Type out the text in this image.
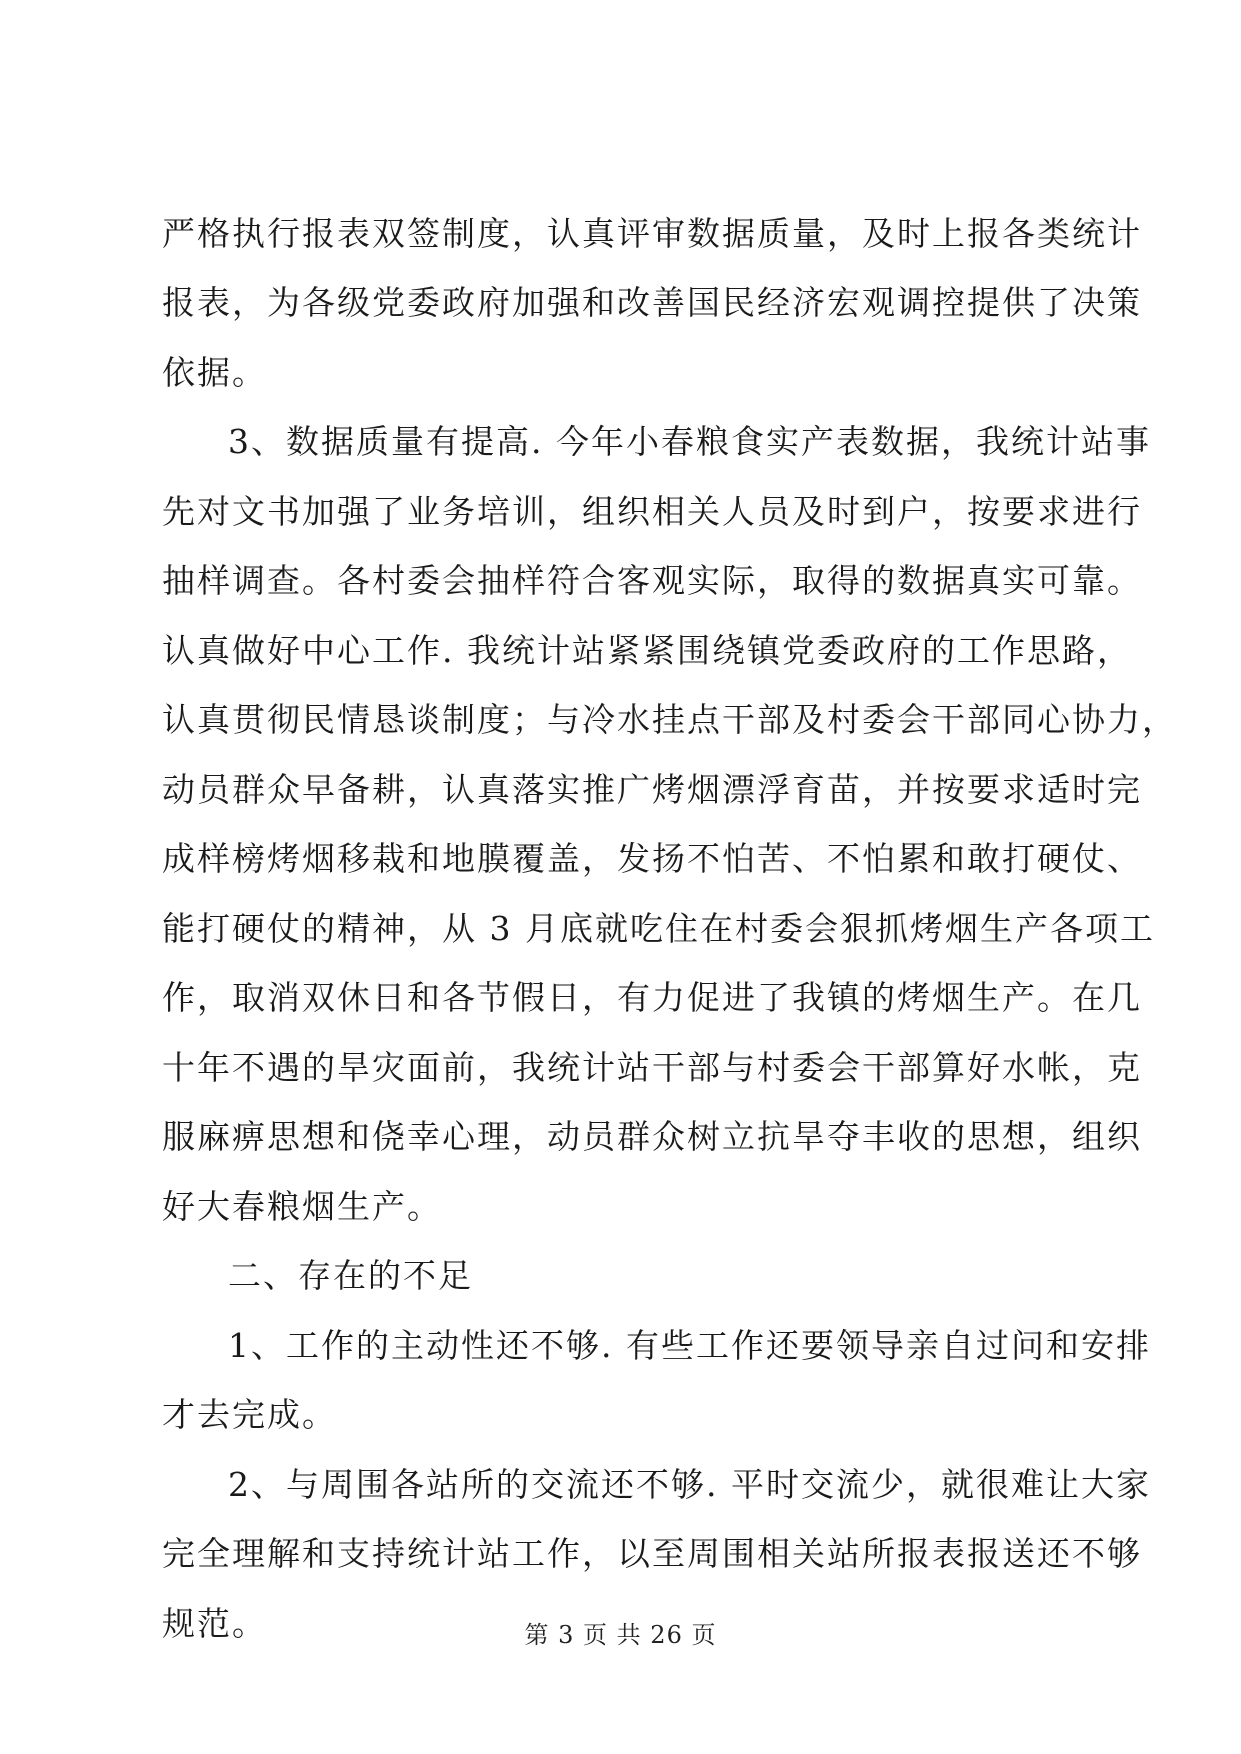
严格执行报表双签制度，认真评审数据质量，及时上报各类统计
报表，为各级党委政府加强和改善国民经济宏观调控提供了决策
依据。
3、数据质量有提高. 今年小春粮食实产表数据，我统计站事
先对文书加强了业务培训，组织相关人员及时到户，按要求进行
抽样调查。各村委会抽样符合客观实际，取得的数据真实可靠。
认真做好中心工作. 我统计站紧紧围绕镇党委政府的工作思路，
认真贯彻民情恳谈制度；与冷水挂点干部及村委会干部同心协力，
动员群众早备耕，认真落实推广烤烟漂浮育苗，并按要求适时完
成样榜烤烟移栽和地膜覆盖，发扬不怕苦、不怕累和敢打硬仗、
能打硬仗的精神，从 3 月底就吃住在村委会狠抓烤烟生产各项工
作，取消双休日和各节假日，有力促进了我镇的烤烟生产。在几
十年不遇的旱灾面前，我统计站干部与村委会干部算好水帐，克
服麻痹思想和侥幸心理，动员群众树立抗旱夺丰收的思想，组织
好大春粮烟生产。
二、存在的不足
1、工作的主动性还不够. 有些工作还要领导亲自过问和安排
才去完成。
2、与周围各站所的交流还不够. 平时交流少，就很难让大家
完全理解和支持统计站工作，以至周围相关站所报表报送还不够
规范。	第 3 页 共 26 页
